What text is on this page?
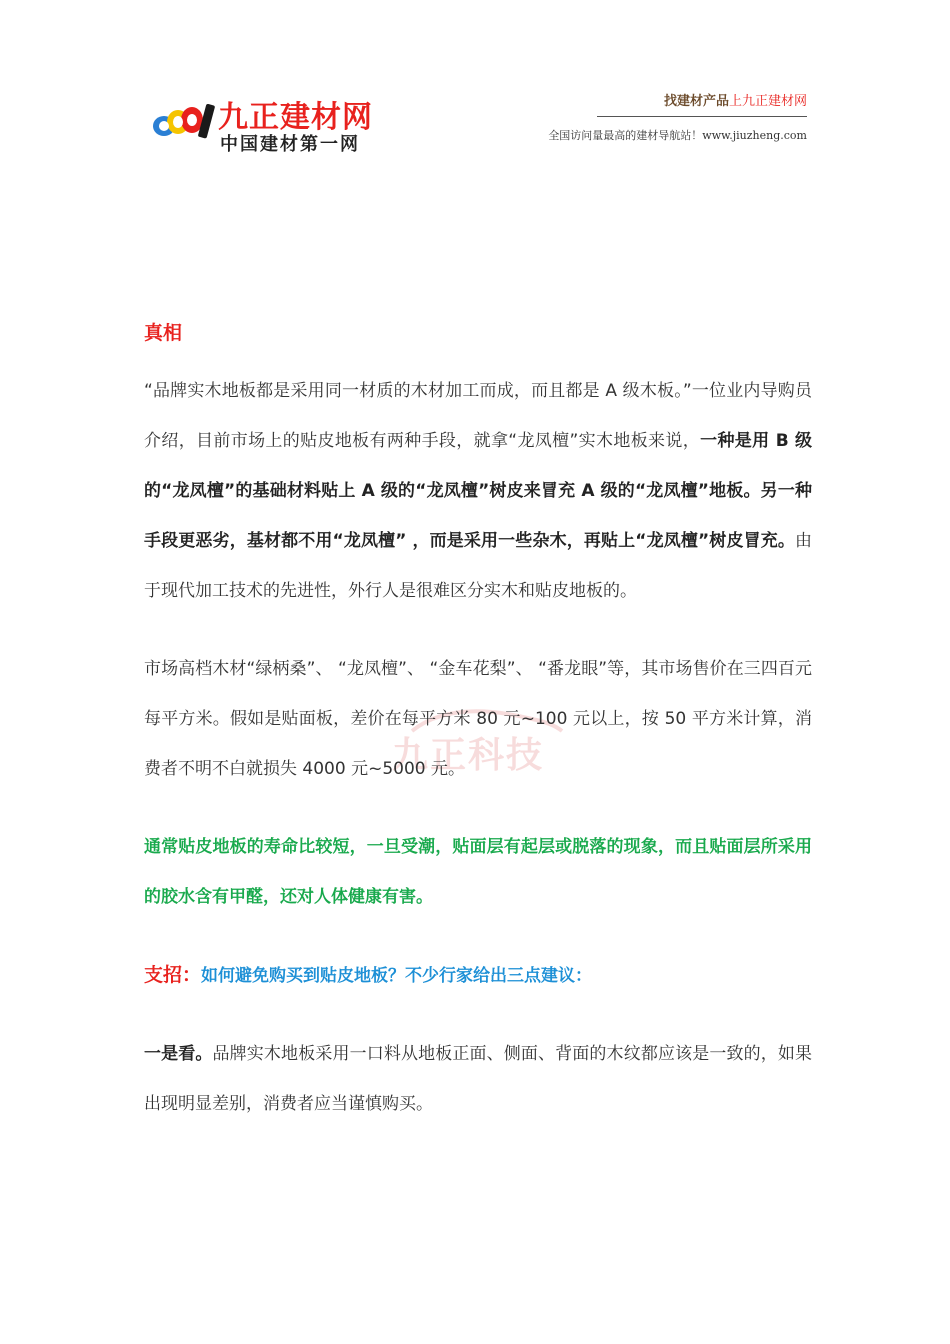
九正建材网
中国建材第一网
找建材产品上九正建材网
全国访问量最高的建材导航站！www.jiuzheng.com
九正科技

真相

“品牌实木地板都是采用同一材质的木材加工而成，而且都是 A 级木板。”一位业内导购员介绍，目前市场上的贴皮地板有两种手段，就拿“龙凤檀”实木地板来说，一种是用 B 级的“龙凤檀”的基础材料贴上 A 级的“龙凤檀”树皮来冒充 A 级的“龙凤檀”地板。另一种手段更恶劣，基材都不用“龙凤檀” ，而是采用一些杂木，再贴上“龙凤檀”树皮冒充。由于现代加工技术的先进性，外行人是很难区分实木和贴皮地板的。

市场高档木材“绿柄桑”、 “龙凤檀”、 “金车花梨”、 “番龙眼”等，其市场售价在三四百元每平方米。假如是贴面板，差价在每平方米 80 元~100 元以上，按 50 平方米计算，消费者不明不白就损失 4000 元~5000 元。

通常贴皮地板的寿命比较短，一旦受潮，贴面层有起层或脱落的现象，而且贴面层所采用的胶水含有甲醛，还对人体健康有害。

支招：如何避免购买到贴皮地板？不少行家给出三点建议：

一是看。品牌实木地板采用一口料从地板正面、侧面、背面的木纹都应该是一致的，如果出现明显差别，消费者应当谨慎购买。
